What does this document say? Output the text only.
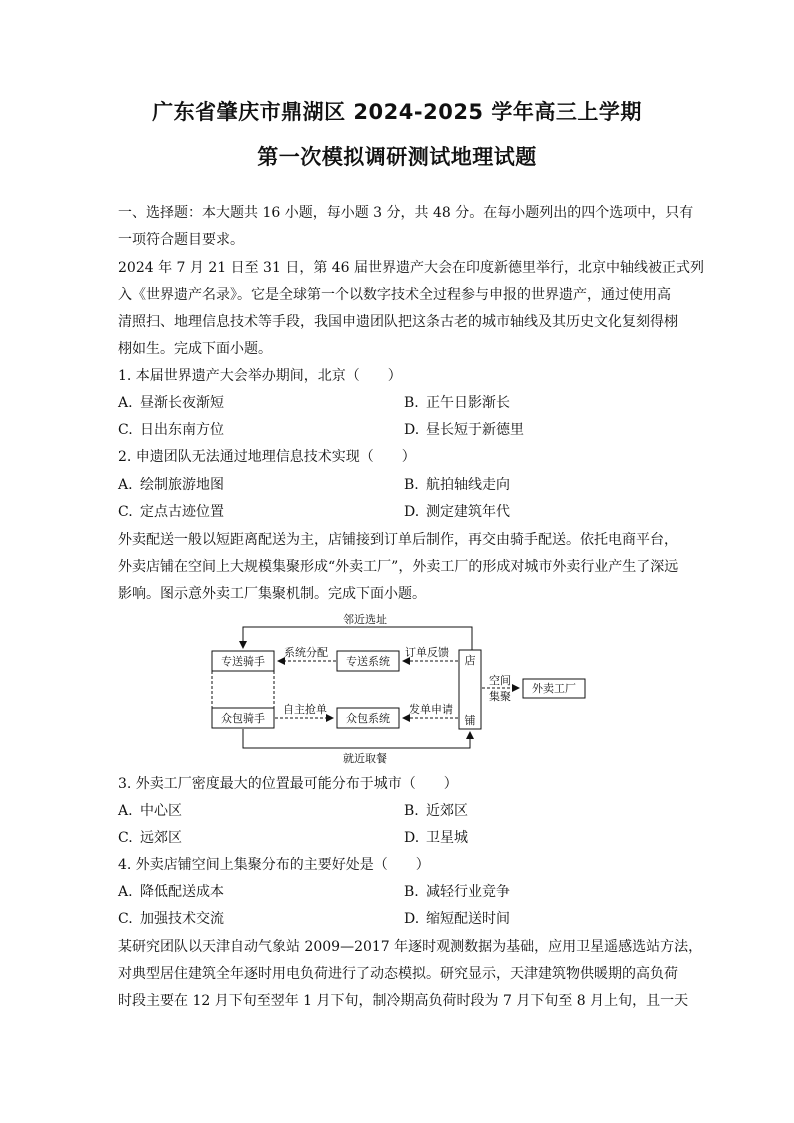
广东省肇庆市鼎湖区 2024-2025 学年高三上学期
第一次模拟调研测试地理试题
一、选择题：本大题共 16 小题，每小题 3 分，共 48 分。在每小题列出的四个选项中，只有
一项符合题目要求。
2024 年 7 月 21 日至 31 日，第 46 届世界遗产大会在印度新德里举行，北京中轴线被正式列
入《世界遗产名录》。它是全球第一个以数字技术全过程参与申报的世界遗产，通过使用高
清照扫、地理信息技术等手段，我国申遗团队把这条古老的城市轴线及其历史文化复刻得栩
栩如生。完成下面小题。
1. 本届世界遗产大会举办期间，北京（　　）
A. 昼渐长夜渐短	B. 正午日影渐长
C. 日出东南方位	D. 昼长短于新德里
2. 申遗团队无法通过地理信息技术实现（　　）
A. 绘制旅游地图	B. 航拍轴线走向
C. 定点古迹位置	D. 测定建筑年代
外卖配送一般以短距离配送为主，店铺接到订单后制作，再交由骑手配送。依托电商平台，
外卖店铺在空间上大规模集聚形成“外卖工厂”，外卖工厂的形成对城市外卖行业产生了深远
影响。图示意外卖工厂集聚机制。完成下面小题。
邻近选址
就近取餐
专送骑手	专送系统
众包骑手	众包系统
店
铺
外卖工厂
系统分配	订单反馈
自主抢单	发单申请
空间
集聚
3. 外卖工厂密度最大的位置最可能分布于城市（　　）
A. 中心区	B. 近郊区
C. 远郊区	D. 卫星城
4. 外卖店铺空间上集聚分布的主要好处是（　　）
A. 降低配送成本	B. 减轻行业竞争
C. 加强技术交流	D. 缩短配送时间
某研究团队以天津自动气象站 2009—2017 年逐时观测数据为基础，应用卫星遥感选站方法，
对典型居住建筑全年逐时用电负荷进行了动态模拟。研究显示，天津建筑物供暖期的高负荷
时段主要在 12 月下旬至翌年 1 月下旬，制冷期高负荷时段为 7 月下旬至 8 月上旬，且一天
